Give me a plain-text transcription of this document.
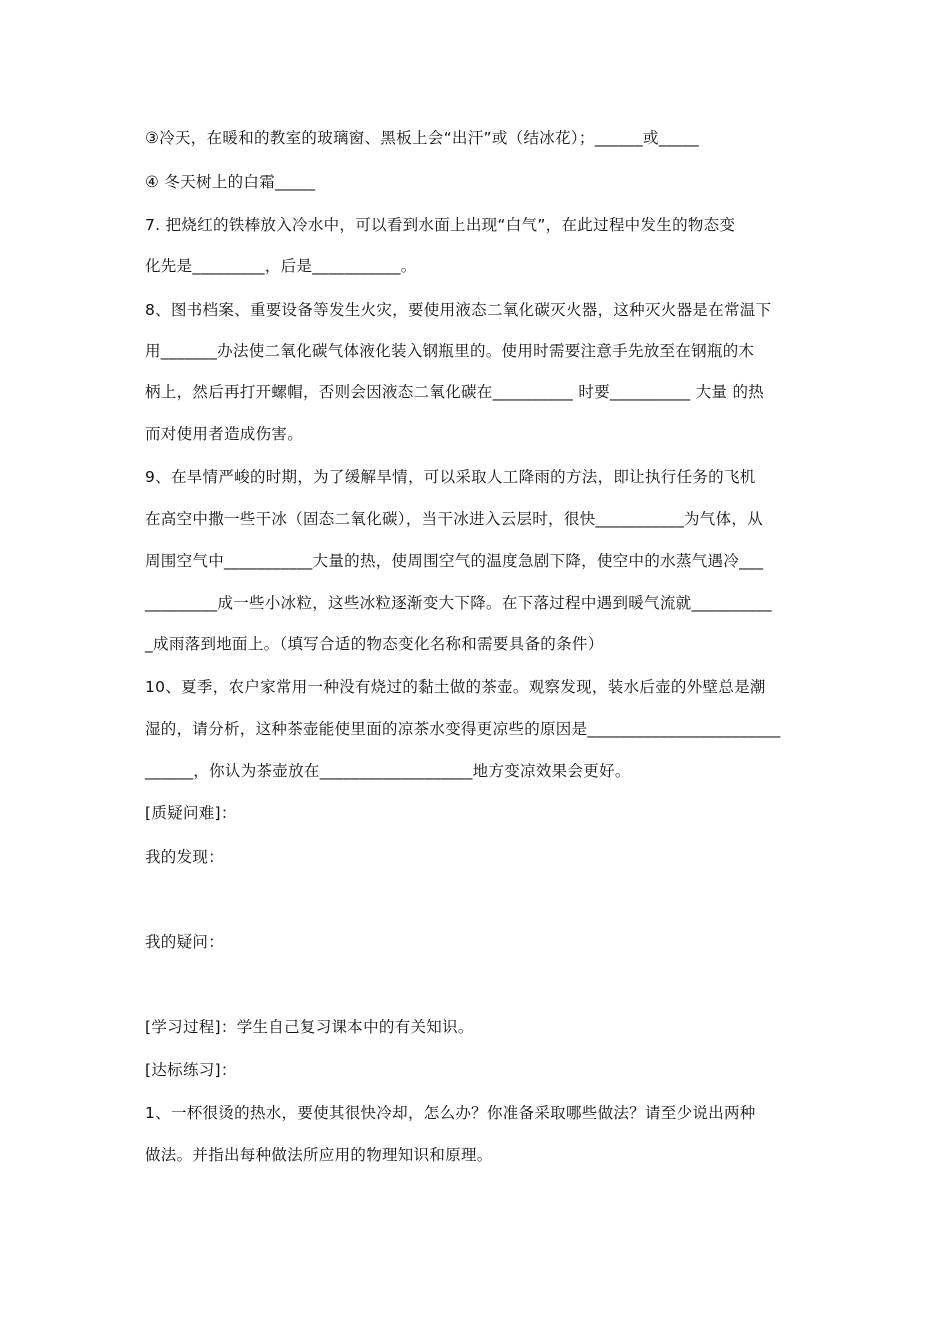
③冷天，在暖和的教室的玻璃窗、黑板上会“出汗”或（结冰花）；______或_____
④ 冬天树上的白霜_____
7. 把烧红的铁棒放入冷水中，可以看到水面上出现“白气”，在此过程中发生的物态变
化先是_________，后是___________。
8、图书档案、重要设备等发生火灾，要使用液态二氧化碳灭火器，这种灭火器是在常温下
用_______办法使二氧化碳气体液化装入钢瓶里的。使用时需要注意手先放至在钢瓶的木
柄上，然后再打开螺帽，否则会因液态二氧化碳在__________ 时要__________ 大量 的热
而对使用者造成伤害。
9、在旱情严峻的时期，为了缓解旱情，可以采取人工降雨的方法，即让执行任务的飞机
在高空中撒一些干冰（固态二氧化碳），当干冰进入云层时，很快___________为气体，从
周围空气中___________大量的热，使周围空气的温度急剧下降，使空中的水蒸气遇冷___
_________成一些小冰粒，这些冰粒逐渐变大下降。在下落过程中遇到暖气流就__________
_成雨落到地面上。（填写合适的物态变化名称和需要具备的条件）
10、夏季，农户家常用一种没有烧过的黏土做的茶壶。观察发现，装水后壶的外壁总是潮
湿的，请分析，这种茶壶能使里面的凉茶水变得更凉些的原因是________________________
______，你认为茶壶放在___________________地方变凉效果会更好。
[质疑问难]：
我的发现：
我的疑问：
[学习过程]：学生自己复习课本中的有关知识。
[达标练习]：
1、一杯很烫的热水，要使其很快冷却，怎么办？你准备采取哪些做法？请至少说出两种
做法。并指出每种做法所应用的物理知识和原理。
